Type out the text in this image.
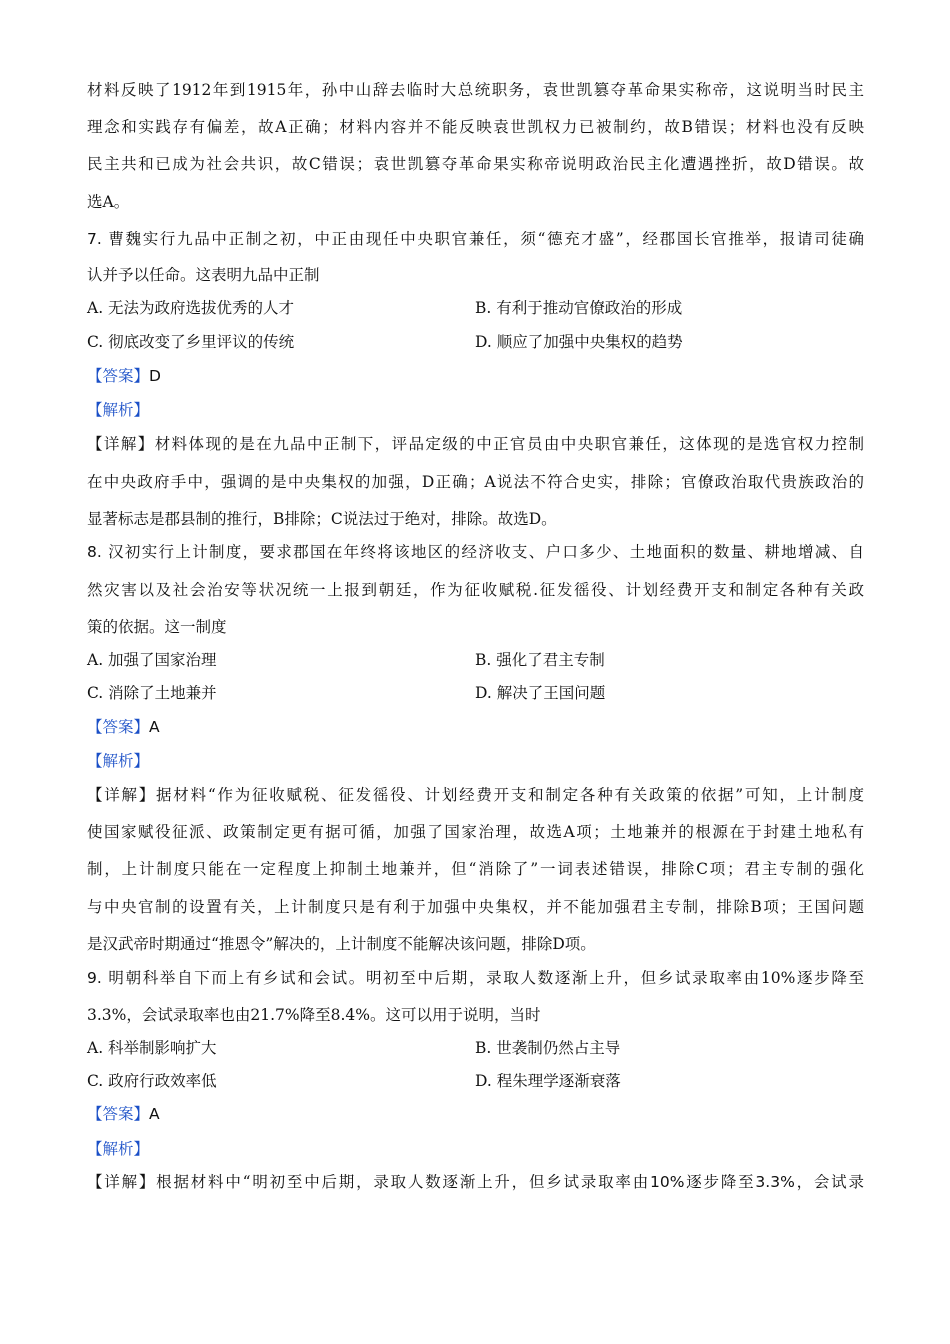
材料反映了1912年到1915年，孙中山辞去临时大总统职务，袁世凯篡夺革命果实称帝，这说明当时民主
理念和实践存有偏差，故A正确；材料内容并不能反映袁世凯权力已被制约，故B错误；材料也没有反映
民主共和已成为社会共识，故C错误；袁世凯篡夺革命果实称帝说明政治民主化遭遇挫折，故D错误。故
选A。
7. 曹魏实行九品中正制之初，中正由现任中央职官兼任，须“德充才盛”，经郡国长官推举，报请司徒确
认并予以任命。这表明九品中正制
A. 无法为政府选拔优秀的人才	B. 有利于推动官僚政治的形成
C. 彻底改变了乡里评议的传统	D. 顺应了加强中央集权的趋势
【答案】D
【解析】
【详解】材料体现的是在九品中正制下，评品定级的中正官员由中央职官兼任，这体现的是选官权力控制
在中央政府手中，强调的是中央集权的加强，D正确；A说法不符合史实，排除；官僚政治取代贵族政治的
显著标志是郡县制的推行，B排除；C说法过于绝对，排除。故选D。
8. 汉初实行上计制度，要求郡国在年终将该地区的经济收支、户口多少、土地面积的数量、耕地增减、自
然灾害以及社会治安等状况统一上报到朝廷，作为征收赋税.征发徭役、计划经费开支和制定各种有关政
策的依据。这一制度
A. 加强了国家治理	B. 强化了君主专制
C. 消除了土地兼并	D. 解决了王国问题
【答案】A
【解析】
【详解】据材料“作为征收赋税、征发徭役、计划经费开支和制定各种有关政策的依据”可知，上计制度
使国家赋役征派、政策制定更有据可循，加强了国家治理，故选A项；土地兼并的根源在于封建土地私有
制，上计制度只能在一定程度上抑制土地兼并，但“消除了”一词表述错误，排除C项；君主专制的强化
与中央官制的设置有关，上计制度只是有利于加强中央集权，并不能加强君主专制，排除B项；王国问题
是汉武帝时期通过“推恩令”解决的，上计制度不能解决该问题，排除D项。
9. 明朝科举自下而上有乡试和会试。明初至中后期，录取人数逐渐上升，但乡试录取率由10%逐步降至
3.3%，会试录取率也由21.7%降至8.4%。这可以用于说明，当时
A. 科举制影响扩大	B. 世袭制仍然占主导
C. 政府行政效率低	D. 程朱理学逐渐衰落
【答案】A
【解析】
【详解】根据材料中“明初至中后期，录取人数逐渐上升，但乡试录取率由10%逐步降至3.3%，会试录
